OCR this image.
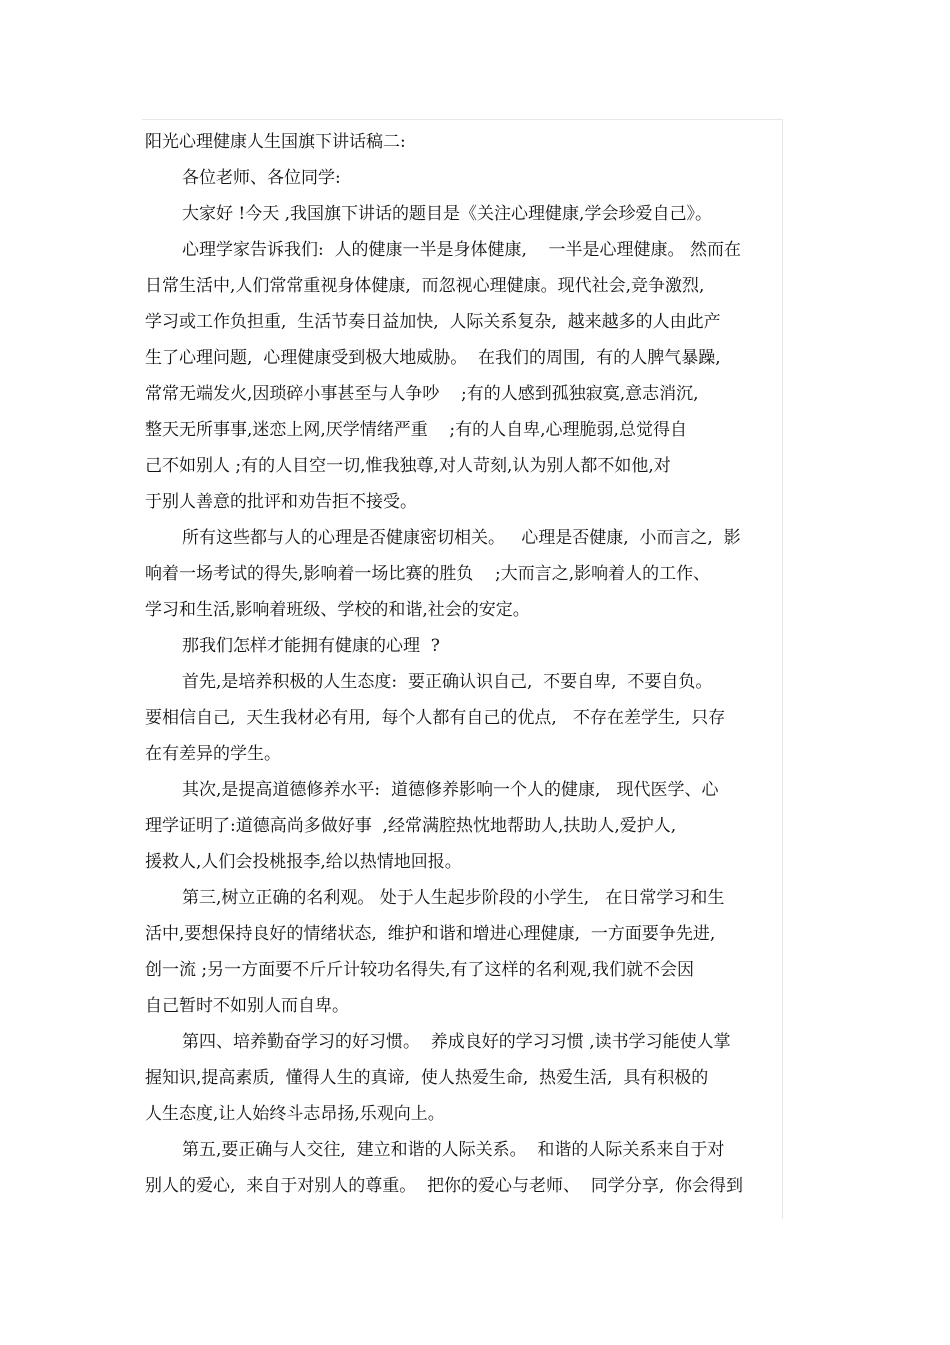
阳光心理健康人生国旗下讲话稿二:
各位老师、各位同学:
大家好 !今天 ,我国旗下讲话的题目是《关注心理健康,学会珍爱自己》。
心理学家告诉我们:  人的健康一半是身体健康,    一半是心理健康。 然而在
日常生活中,人们常常重视身体健康,  而忽视心理健康。现代社会,竞争激烈,
学习或工作负担重,  生活节奏日益加快,  人际关系复杂,  越来越多的人由此产
生了心理问题,  心理健康受到极大地威胁。  在我们的周围,  有的人脾气暴躁,
常常无端发火,因琐碎小事甚至与人争吵    ;有的人感到孤独寂寞,意志消沉,
整天无所事事,迷恋上网,厌学情绪严重    ;有的人自卑,心理脆弱,总觉得自
己不如别人 ;有的人目空一切,惟我独尊,对人苛刻,认为别人都不如他,对
于别人善意的批评和劝告拒不接受。
所有这些都与人的心理是否健康密切相关。   心理是否健康,  小而言之,  影
响着一场考试的得失,影响着一场比赛的胜负    ;大而言之,影响着人的工作、
学习和生活,影响着班级、学校的和谐,社会的安定。
那我们怎样才能拥有健康的心理  ?
首先,是培养积极的人生态度:  要正确认识自己,  不要自卑,  不要自负。
要相信自己,  天生我材必有用,  每个人都有自己的优点,   不存在差学生,  只存
在有差异的学生。
其次,是提高道德修养水平:  道德修养影响一个人的健康,   现代医学、心
理学证明了:道德高尚多做好事  ,经常满腔热忱地帮助人,扶助人,爱护人,
援救人,人们会投桃报李,给以热情地回报。
第三,树立正确的名利观。 处于人生起步阶段的小学生,   在日常学习和生
活中,要想保持良好的情绪状态,  维护和谐和增进心理健康,  一方面要争先进,
创一流 ;另一方面要不斤斤计较功名得失,有了这样的名利观,我们就不会因
自己暂时不如别人而自卑。
第四、培养勤奋学习的好习惯。  养成良好的学习习惯 ,读书学习能使人掌
握知识,提高素质,  懂得人生的真谛,  使人热爱生命,  热爱生活,  具有积极的
人生态度,让人始终斗志昂扬,乐观向上。
第五,要正确与人交往,  建立和谐的人际关系。  和谐的人际关系来自于对
别人的爱心,  来自于对别人的尊重。  把你的爱心与老师、  同学分享,  你会得到
